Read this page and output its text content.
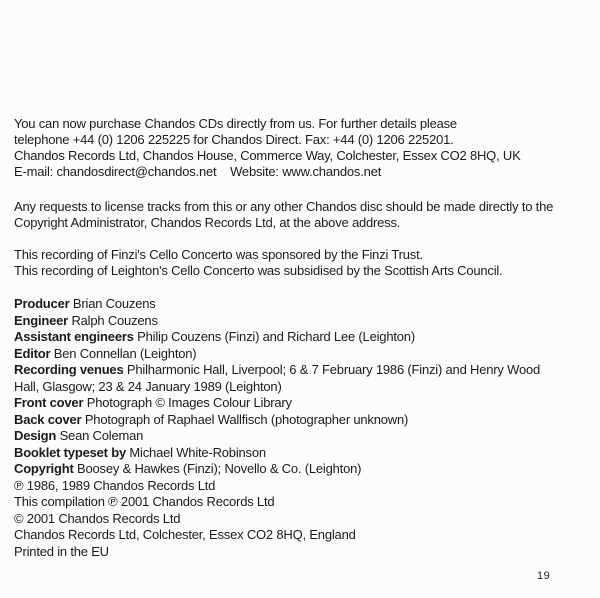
You can now purchase Chandos CDs directly from us. For further details please
telephone +44 (0) 1206 225225 for Chandos Direct. Fax: +44 (0) 1206 225201.
Chandos Records Ltd, Chandos House, Commerce Way, Colchester, Essex CO2 8HQ, UK
E-mail: chandosdirect@chandos.net    Website: www.chandos.net

Any requests to license tracks from this or any other Chandos disc should be made directly to the
Copyright Administrator, Chandos Records Ltd, at the above address.

This recording of Finzi's Cello Concerto was sponsored by the Finzi Trust.
This recording of Leighton's Cello Concerto was subsidised by the Scottish Arts Council.

Producer Brian Couzens
Engineer Ralph Couzens
Assistant engineers Philip Couzens (Finzi) and Richard Lee (Leighton)
Editor Ben Connellan (Leighton)
Recording venues Philharmonic Hall, Liverpool; 6 & 7 February 1986 (Finzi) and Henry Wood
Hall, Glasgow; 23 & 24 January 1989 (Leighton)
Front cover Photograph © Images Colour Library
Back cover Photograph of Raphael Wallfisch (photographer unknown)
Design Sean Coleman
Booklet typeset by Michael White-Robinson
Copyright Boosey & Hawkes (Finzi); Novello & Co. (Leighton)
℗ 1986, 1989 Chandos Records Ltd
This compilation ℗ 2001 Chandos Records Ltd
© 2001 Chandos Records Ltd
Chandos Records Ltd, Colchester, Essex CO2 8HQ, England
Printed in the EU
19
